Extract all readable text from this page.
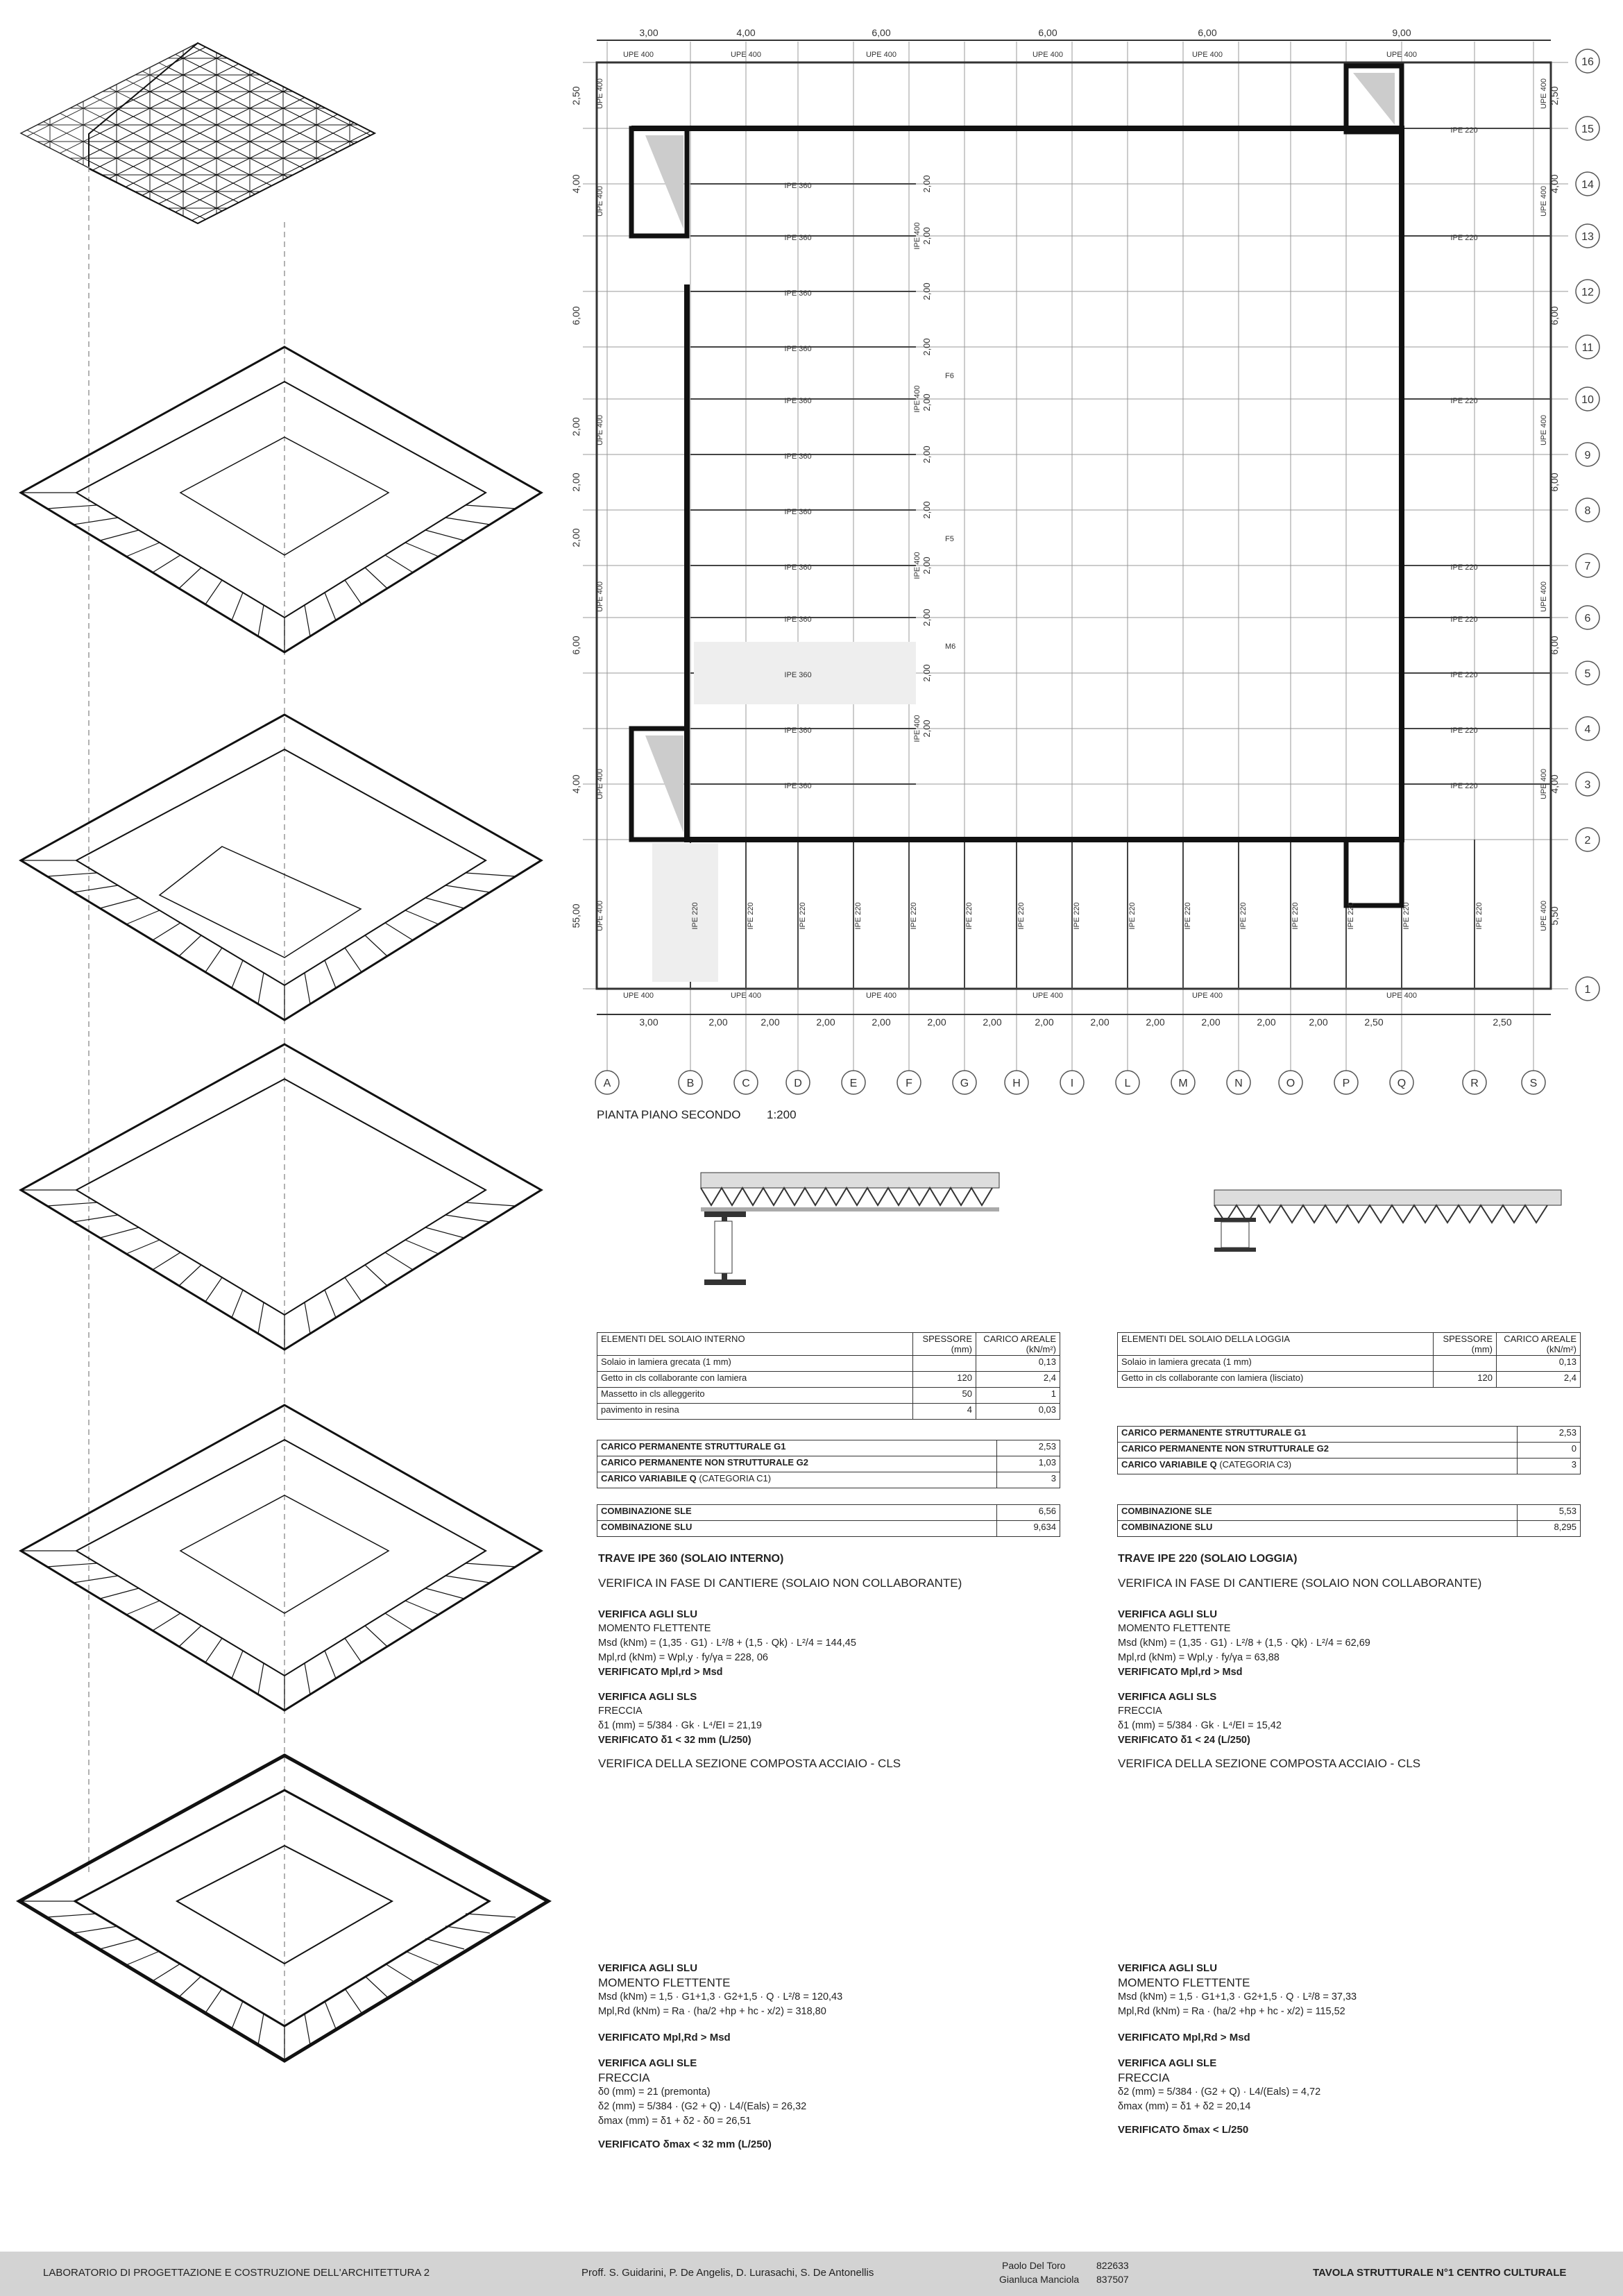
IPE 360
IPE 360
IPE 360
IPE 360
IPE 360
IPE 360
IPE 360
IPE 360
IPE 360
IPE 360
IPE 360
IPE 360
IPE 220
IPE 220
IPE 220
IPE 220
IPE 220
IPE 220
IPE 220
IPE 220
IPE 220	IPE 220	IPE 220	IPE 220	IPE 220	IPE 220	IPE 220	IPE 220	IPE 220	IPE 220	IPE 220	IPE 220	IPE 220	IPE 220	IPE 220
UPE 400
UPE 400
UPE 400
UPE 400
UPE 400
UPE 400
UPE 400
UPE 400
UPE 400
UPE 400
UPE 400
UPE 400
IPE 400
IPE 400
IPE 400
IPE 400
UPE 400	UPE 400
UPE 400	UPE 400
UPE 400	UPE 400
UPE 400	UPE 400
UPE 400	UPE 400
UPE 400	UPE 400
3,00	4,00	6,00	6,00	6,00	9,00
3,00	2,00	2,00	2,00	2,00	2,00	2,00	2,00	2,00	2,00	2,00	2,00	2,00	2,50	2,50
2,50
4,00
6,00
2,00
2,00
2,00
6,00
4,00
55,00
2,50
4,00
6,00
6,00
6,00
4,00
5,50
2,00
2,00
2,00
2,00
2,00
2,00
2,00
2,00
2,00
2,00
2,00
16
15
14
13
12
11
10
9
8
7
6
5
4
3
2
1
A	B	C	D	E	F	G	H	I	L	M	N	O	P	Q	R	S
F6
F5
M6
PIANTA PIANO SECONDO 1:200
ELEMENTI DEL SOLAIO INTERNO	SPESSORE (mm)	CARICO AREALE (kN/m²)
Solaio in lamiera grecata (1 mm)		0,13
Getto in cls collaborante con lamiera	120	2,4
Massetto in cls alleggerito	50	1
pavimento in resina	4	0,03
CARICO PERMANENTE STRUTTURALE G1	2,53
CARICO PERMANENTE NON STRUTTURALE G2	1,03
CARICO VARIABILE Q (CATEGORIA C1)	3
COMBINAZIONE SLE	6,56
COMBINAZIONE SLU	9,634
ELEMENTI DEL SOLAIO DELLA LOGGIA	SPESSORE (mm)	CARICO AREALE (kN/m²)
Solaio in lamiera grecata (1 mm)		0,13
Getto in cls collaborante con lamiera (lisciato)	120	2,4
CARICO PERMANENTE STRUTTURALE G1	2,53
CARICO PERMANENTE NON STRUTTURALE G2	0
CARICO VARIABILE Q (CATEGORIA C3)	3
COMBINAZIONE SLE	5,53
COMBINAZIONE SLU	8,295
TRAVE IPE 360 (SOLAIO INTERNO)
VERIFICA IN FASE DI CANTIERE (SOLAIO NON COLLABORANTE)
VERIFICA AGLI SLU
MOMENTO FLETTENTE
Msd (kNm) = (1,35 · G1) · L²/8 + (1,5 · Qk) · L²/4 = 144,45
Mpl,rd (kNm) = Wpl,y · fy/γa = 228, 06
VERIFICATO Mpl,rd > Msd
VERIFICA AGLI SLS
FRECCIA
δ1 (mm) = 5/384 · Gk · L⁴/EI = 21,19
VERIFICATO δ1 < 32 mm (L/250)
VERIFICA DELLA SEZIONE COMPOSTA ACCIAIO - CLS
VERIFICA AGLI SLU
MOMENTO FLETTENTE
Msd (kNm) = 1,5 · G1+1,3 · G2+1,5 · Q · L²/8 = 120,43
Mpl,Rd (kNm) = Ra · (ha/2 +hp + hc - x/2) = 318,80
VERIFICATO Mpl,Rd > Msd
VERIFICA AGLI SLE
FRECCIA
δ0 (mm) = 21 (premonta)
δ2 (mm) = 5/384 · (G2 + Q) · L4/(Eals) = 26,32
δmax (mm) = δ1 + δ2 - δ0 = 26,51
VERIFICATO δmax < 32 mm (L/250)
TRAVE IPE 220 (SOLAIO LOGGIA)
VERIFICA IN FASE DI CANTIERE (SOLAIO NON COLLABORANTE)
VERIFICA AGLI SLU
MOMENTO FLETTENTE
Msd (kNm) = (1,35 · G1) · L²/8 + (1,5 · Qk) · L²/4 = 62,69
Mpl,rd (kNm) = Wpl,y · fy/γa = 63,88
VERIFICATO Mpl,rd > Msd
VERIFICA AGLI SLS
FRECCIA
δ1 (mm) = 5/384 · Gk · L⁴/EI = 15,42
VERIFICATO δ1 < 24 (L/250)
VERIFICA DELLA SEZIONE COMPOSTA ACCIAIO - CLS
VERIFICA AGLI SLU
MOMENTO FLETTENTE
Msd (kNm) = 1,5 · G1+1,3 · G2+1,5 · Q · L²/8 = 37,33
Mpl,Rd (kNm) = Ra · (ha/2 +hp + hc - x/2) = 115,52
VERIFICATO Mpl,Rd > Msd
VERIFICA AGLI SLE
FRECCIA
δ2 (mm) = 5/384 · (G2 + Q) · L4/(Eals) = 4,72
δmax (mm) = δ1 + δ2 = 20,14
VERIFICATO δmax < L/250
LABORATORIO DI PROGETTAZIONE E COSTRUZIONE DELL'ARCHITETTURA 2	Proff. S. Guidarini, P. De Angelis, D. Lurasachi, S. De Antonellis
Paolo Del Toro	822633
Gianluca Manciola 837507
TAVOLA STRUTTURALE N°1 CENTRO CULTURALE
